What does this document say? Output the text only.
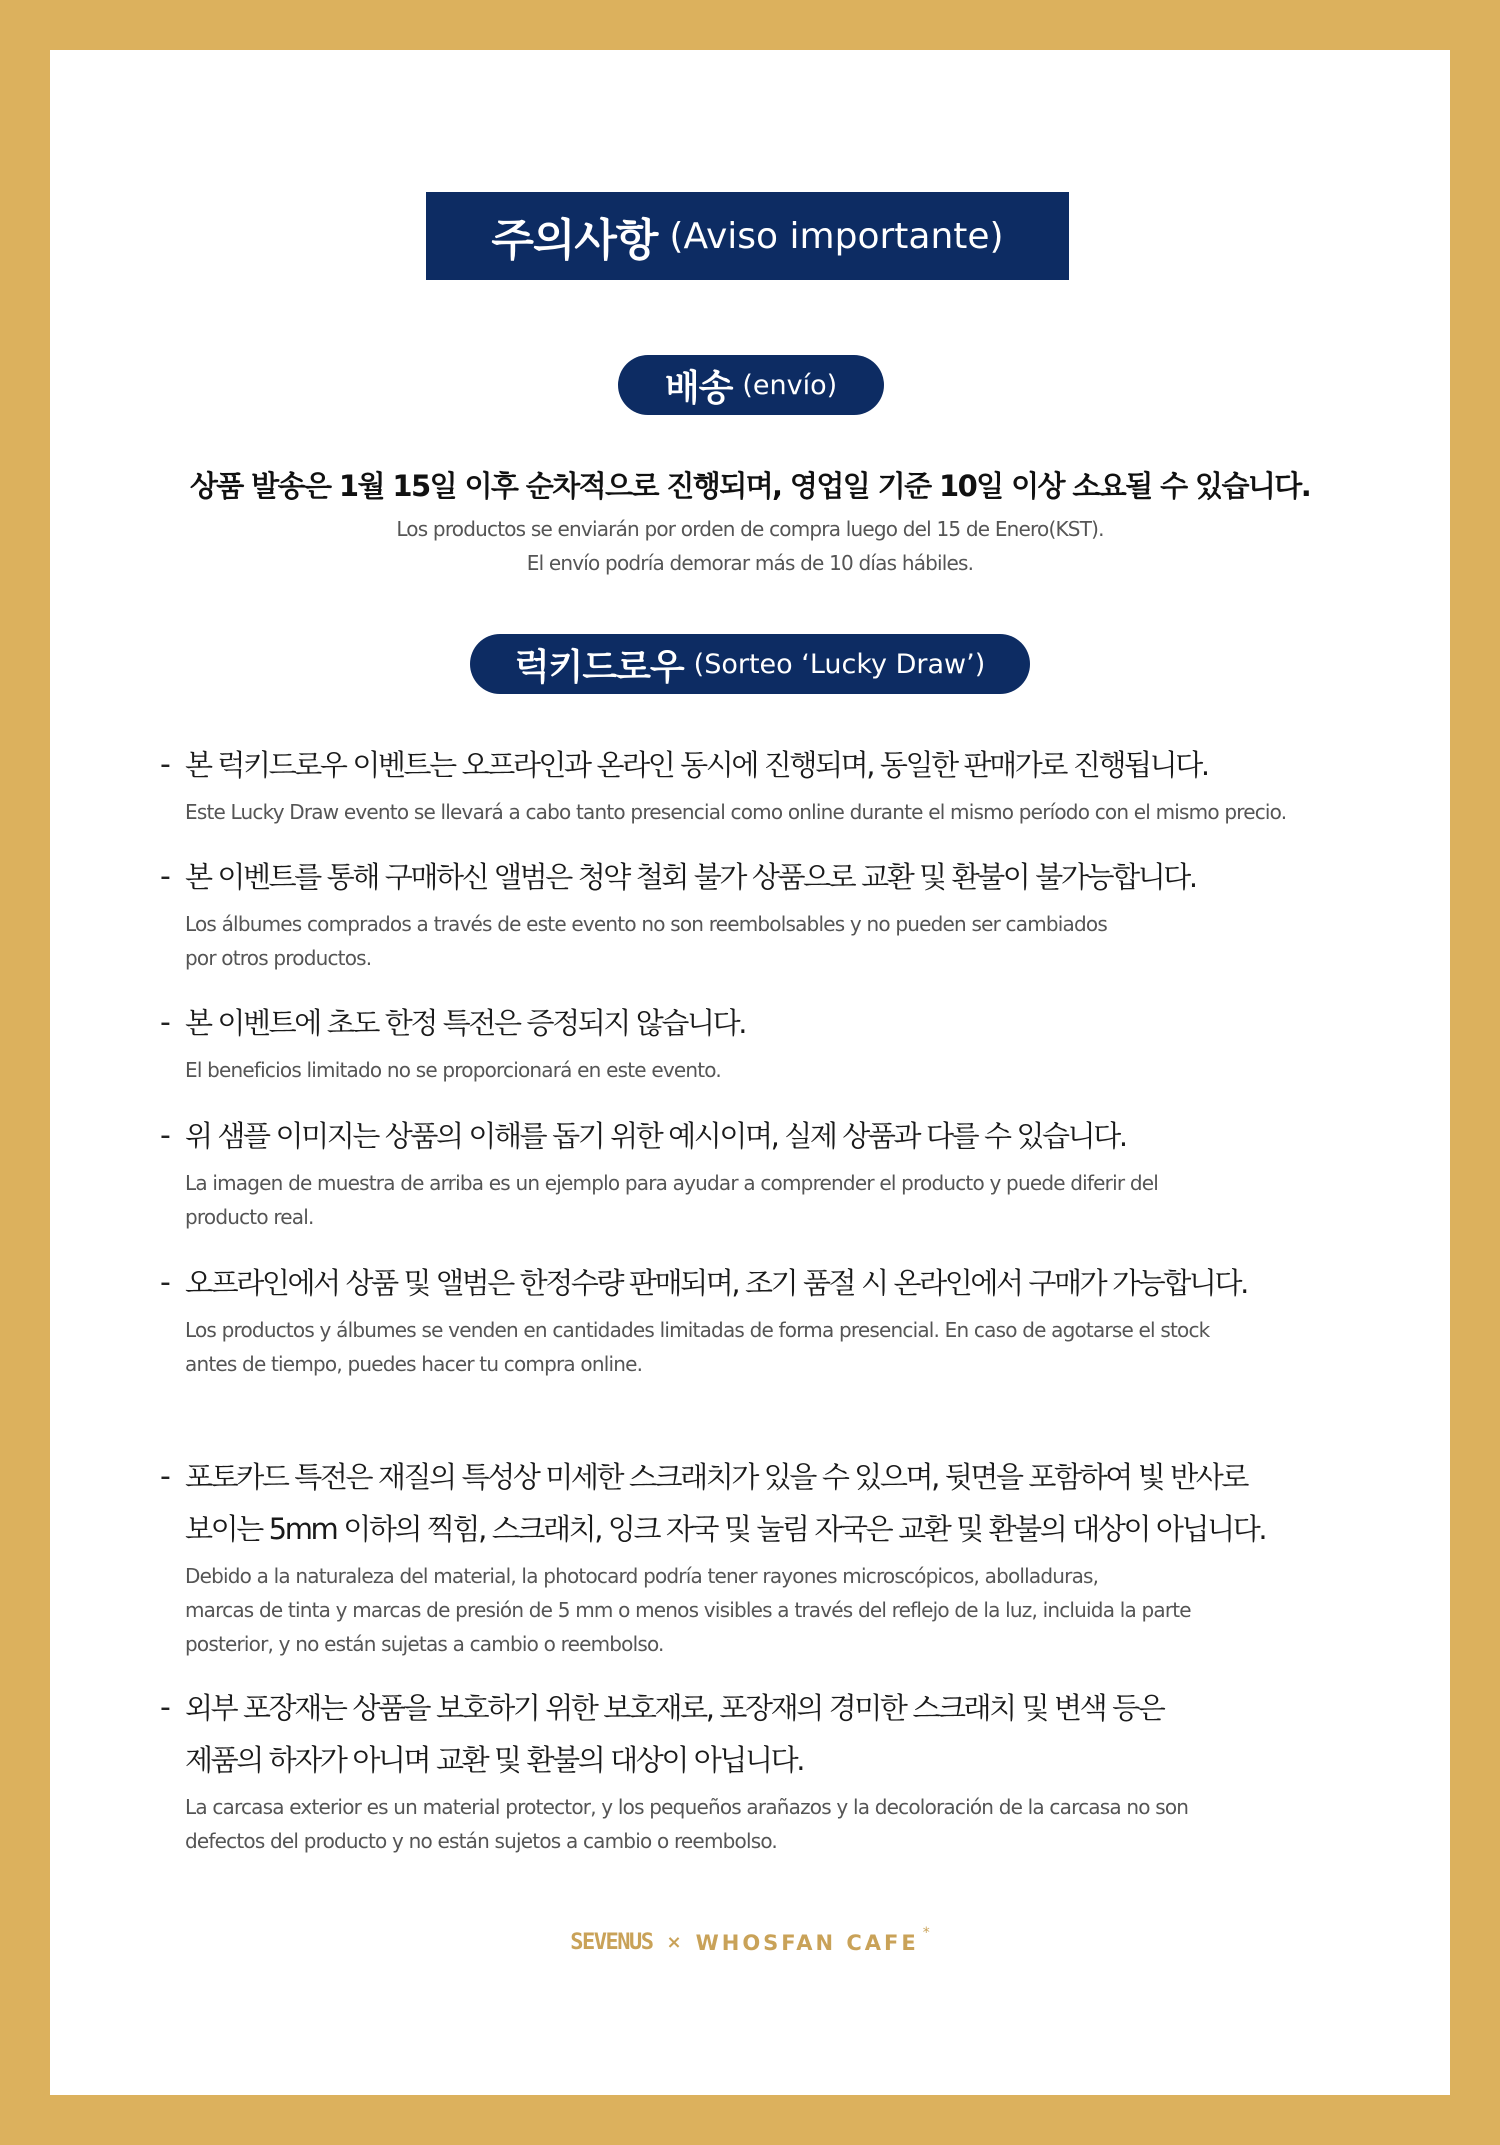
주의사항 (Aviso importante)
배송 (envío)
상품 발송은 1월 15일 이후 순차적으로 진행되며, 영업일 기준 10일 이상 소요될 수 있습니다.
Los productos se enviarán por orden de compra luego del 15 de Enero(KST).
El envío podría demorar más de 10 días hábiles.
럭키드로우 (Sorteo ‘Lucky Draw’)
- 본 럭키드로우 이벤트는 오프라인과 온라인 동시에 진행되며, 동일한 판매가로 진행됩니다.
Este Lucky Draw evento se llevará a cabo tanto presencial como online durante el mismo período con el mismo precio.
- 본 이벤트를 통해 구매하신 앨범은 청약 철회 불가 상품으로 교환 및 환불이 불가능합니다.
Los álbumes comprados a través de este evento no son reembolsables y no pueden ser cambiados
por otros productos.
- 본 이벤트에 초도 한정 특전은 증정되지 않습니다.
El beneficios limitado no se proporcionará en este evento.
- 위 샘플 이미지는 상품의 이해를 돕기 위한 예시이며, 실제 상품과 다를 수 있습니다.
La imagen de muestra de arriba es un ejemplo para ayudar a comprender el producto y puede diferir del
producto real.
- 오프라인에서 상품 및 앨범은 한정수량 판매되며, 조기 품절 시 온라인에서 구매가 가능합니다.
Los productos y álbumes se venden en cantidades limitadas de forma presencial. En caso de agotarse el stock
antes de tiempo, puedes hacer tu compra online.
- 포토카드 특전은 재질의 특성상 미세한 스크래치가 있을 수 있으며, 뒷면을 포함하여 빛 반사로
보이는 5mm 이하의 찍힘, 스크래치, 잉크 자국 및 눌림 자국은 교환 및 환불의 대상이 아닙니다.
Debido a la naturaleza del material, la photocard podría tener rayones microscópicos, abolladuras,
marcas de tinta y marcas de presión de 5 mm o menos visibles a través del reflejo de la luz, incluida la parte
posterior, y no están sujetas a cambio o reembolso.
- 외부 포장재는 상품을 보호하기 위한 보호재로, 포장재의 경미한 스크래치 및 변색 등은
제품의 하자가 아니며 교환 및 환불의 대상이 아닙니다.
La carcasa exterior es un material protector, y los pequeños arañazos y la decoloración de la carcasa no son
defectos del producto y no están sujetos a cambio o reembolso.
SEVENUS × WHOSFAN CAFE *
